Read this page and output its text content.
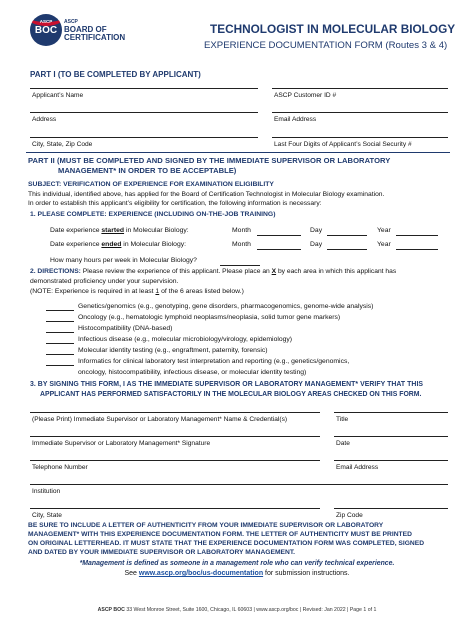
ASCP
BOC
ASCP
BOARD OF
CERTIFICATION
TECHNOLOGIST IN MOLECULAR BIOLOGY
EXPERIENCE DOCUMENTATION FORM (Routes 3 & 4)
PART I (TO BE COMPLETED BY APPLICANT)
Applicant’s Name	ASCP Customer ID #
Address	Email Address
City, State, Zip Code	Last Four Digits of Applicant’s Social Security #
PART II (MUST BE COMPLETED AND SIGNED BY THE IMMEDIATE SUPERVISOR OR LABORATORY
MANAGEMENT* IN ORDER TO BE ACCEPTABLE)
SUBJECT: VERIFICATION OF EXPERIENCE FOR EXAMINATION ELIGIBILITY
This individual, identified above, has applied for the Board of Certification Technologist in Molecular Biology examination.
In order to establish this applicant’s eligibility for certification, the following information is necessary:
1. PLEASE COMPLETE: EXPERIENCE (INCLUDING ON-THE-JOB TRAINING)
Date experience started in Molecular Biology:	Month	Day	Year
Date experience ended in Molecular Biology:	Month	Day	Year
How many hours per week in Molecular Biology?
2. DIRECTIONS: Please review the experience of this applicant. Please place an X by each area in which this applicant has
demonstrated proficiency under your supervision.
(NOTE: Experience is required in at least 1 of the 6 areas listed below.)
Genetics/genomics (e.g., genotyping, gene disorders, pharmacogenomics, genome-wide analysis)
Oncology (e.g., hematologic lymphoid neoplasms/neoplasia, solid tumor gene markers)
Histocompatibility (DNA-based)
Infectious disease (e.g., molecular microbiology/virology, epidemiology)
Molecular identity testing (e.g., engraftment, paternity, forensic)
Informatics for clinical laboratory test interpretation and reporting (e.g., genetics/genomics,
oncology, histocompatibility, infectious disease, or molecular identity testing)
3. BY SIGNING THIS FORM, I AS THE IMMEDIATE SUPERVISOR OR LABORATORY MANAGEMENT* VERIFY THAT THIS
APPLICANT HAS PERFORMED SATISFACTORILY IN THE MOLECULAR BIOLOGY AREAS CHECKED ON THIS FORM.
(Please Print) Immediate Supervisor or Laboratory Management* Name & Credential(s)	Title
Immediate Supervisor or Laboratory Management* Signature	Date
Telephone Number	Email Address
Institution
City, State	Zip Code
BE SURE TO INCLUDE A LETTER OF AUTHENTICITY FROM YOUR IMMEDIATE SUPERVISOR OR LABORATORY
MANAGEMENT* WITH THIS EXPERIENCE DOCUMENTATION FORM. THE LETTER OF AUTHENTICITY MUST BE PRINTED
ON ORIGINAL LETTERHEAD. IT MUST STATE THAT THE EXPERIENCE DOCUMENTATION FORM WAS COMPLETED, SIGNED
AND DATED BY YOUR IMMEDIATE SUPERVISOR OR LABORATORY MANAGEMENT.
*Management is defined as someone in a management role who can verify technical experience.
See www.ascp.org/boc/us-documentation for submission instructions.
ASCP BOC 33 West Monroe Street, Suite 1600, Chicago, IL 60603 | www.ascp.org/boc | Revised: Jan 2022 | Page 1 of 1
